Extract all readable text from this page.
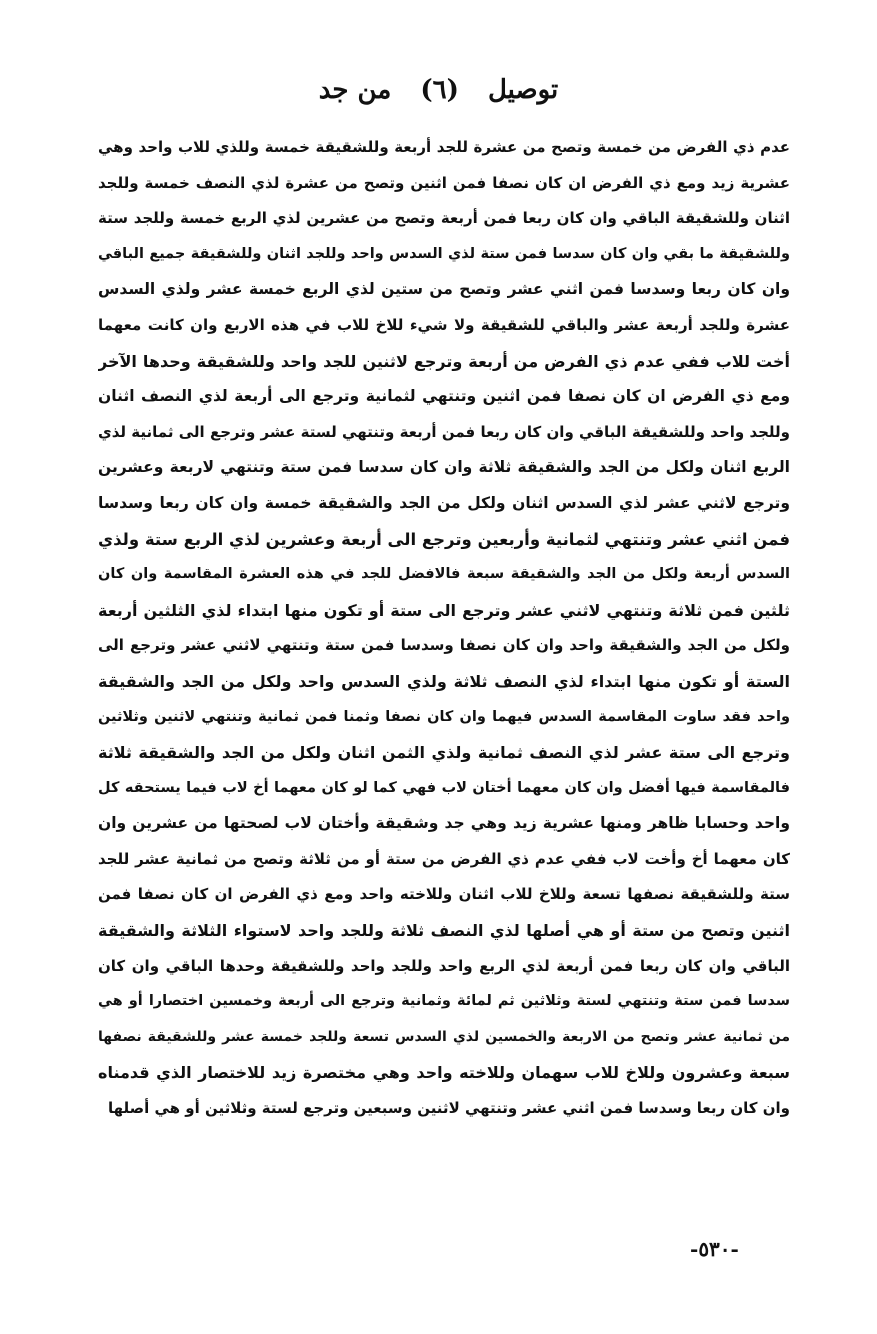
توصيل (٦) من جد
عدم ذي الفرض من خمسة وتصح من عشرة للجد أربعة وللشقيقة خمسة وللذي للاب واحد وهي
عشرية زيد ومع ذي الفرض ان كان نصفا فمن اثنين وتصح من عشرة لذي النصف خمسة وللجد
اثنان وللشقيقة الباقي وان كان ربعا فمن أربعة وتصح من عشرين لذي الربع خمسة وللجد ستة
وللشقيقة ما بقي وان كان سدسا فمن ستة لذي السدس واحد وللجد اثنان وللشقيقة جميع الباقي
وان كان ربعا وسدسا فمن اثني عشر وتصح من ستين لذي الربع خمسة عشر ولذي السدس
عشرة وللجد أربعة عشر والباقي للشقيقة ولا شيء للاخ للاب في هذه الاربع وان كانت معهما
أخت للاب ففي عدم ذي الفرض من أربعة وترجع لاثنين للجد واحد وللشقيقة وحدها الآخر
ومع ذي الفرض ان كان نصفا فمن اثنين وتنتهي لثمانية وترجع الى أربعة لذي النصف اثنان
وللجد واحد وللشقيقة الباقي وان كان ربعا فمن أربعة وتنتهي لستة عشر وترجع الى ثمانية لذي
الربع اثنان ولكل من الجد والشقيقة ثلاثة وان كان سدسا فمن ستة وتنتهي لاربعة وعشرين
وترجع لاثني عشر لذي السدس اثنان ولكل من الجد والشقيقة خمسة وان كان ربعا وسدسا
فمن اثني عشر وتنتهي لثمانية وأربعين وترجع الى أربعة وعشرين لذي الربع ستة ولذي
السدس أربعة ولكل من الجد والشقيقة سبعة فالافضل للجد في هذه العشرة المقاسمة وان كان
ثلثين فمن ثلاثة وتنتهي لاثني عشر وترجع الى ستة أو تكون منها ابتداء لذي الثلثين أربعة
ولكل من الجد والشقيقة واحد وان كان نصفا وسدسا فمن ستة وتنتهي لاثني عشر وترجع الى
الستة أو تكون منها ابتداء لذي النصف ثلاثة ولذي السدس واحد ولكل من الجد والشقيقة
واحد فقد ساوت المقاسمة السدس فيهما وان كان نصفا وثمنا فمن ثمانية وتنتهي لاثنين وثلاثين
وترجع الى ستة عشر لذي النصف ثمانية ولذي الثمن اثنان ولكل من الجد والشقيقة ثلاثة
فالمقاسمة فيها أفضل وان كان معهما أختان لاب فهي كما لو كان معهما أخ لاب فيما يستحقه كل
واحد وحسابا ظاهر ومنها عشرية زيد وهي جد وشقيقة وأختان لاب لصحتها من عشرين وان
كان معهما أخ وأخت لاب ففي عدم ذي الفرض من ستة أو من ثلاثة وتصح من ثمانية عشر للجد
ستة وللشقيقة نصفها تسعة وللاخ للاب اثنان وللاخته واحد ومع ذي الفرض ان كان نصفا فمن
اثنين وتصح من ستة أو هي أصلها لذي النصف ثلاثة وللجد واحد لاستواء الثلاثة والشقيقة
الباقي وان كان ربعا فمن أربعة لذي الربع واحد وللجد واحد وللشقيقة وحدها الباقي وان كان
سدسا فمن ستة وتنتهي لستة وثلاثين ثم لمائة وثمانية وترجع الى أربعة وخمسين اختصارا أو هي
من ثمانية عشر وتصح من الاربعة والخمسين لذي السدس تسعة وللجد خمسة عشر وللشقيقة نصفها
سبعة وعشرون وللاخ للاب سهمان وللاخته واحد وهي مختصرة زيد للاختصار الذي قدمناه
وان كان ربعا وسدسا فمن اثني عشر وتنتهي لاثنين وسبعين وترجع لستة وثلاثين أو هي أصلها
-٥٣٠-
